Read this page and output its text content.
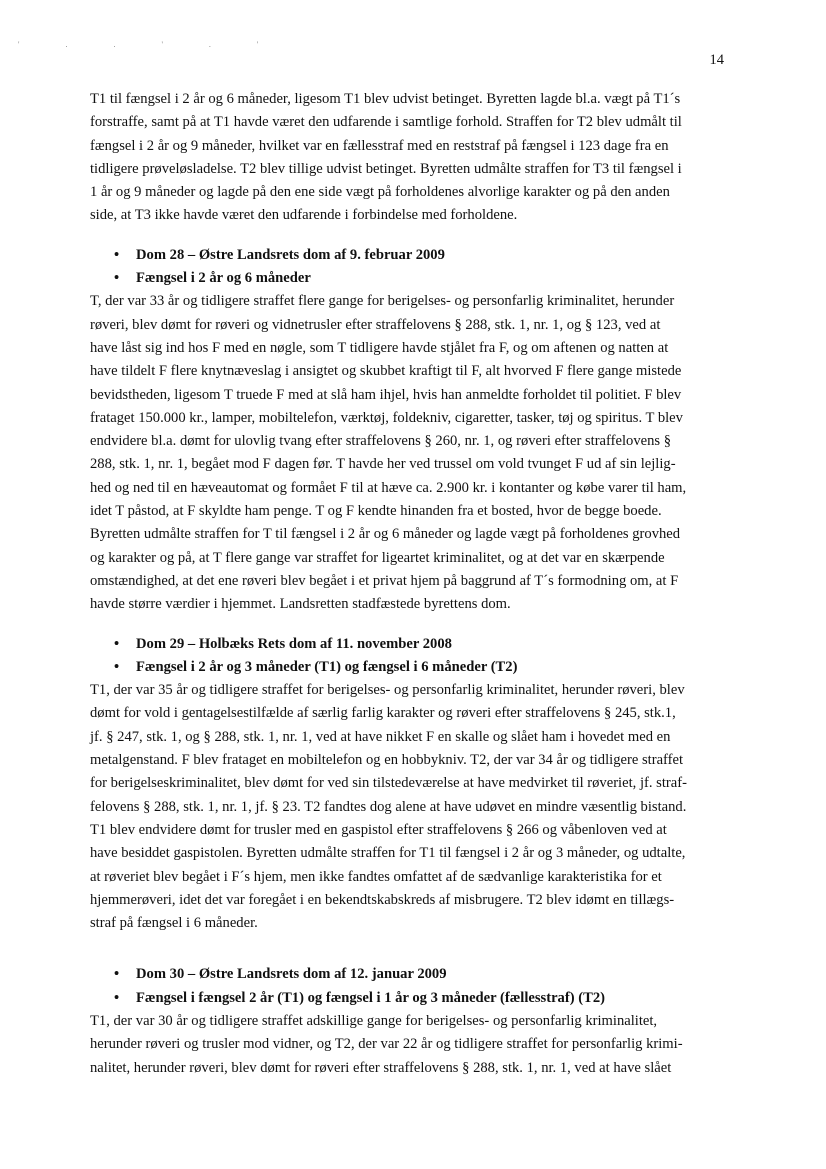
' . . ' . '
14
T1 til fængsel i 2 år og 6 måneder, ligesom T1 blev udvist betinget. Byretten lagde bl.a. vægt på T1´s
forstraffe, samt på at T1 havde været den udfarende i samtlige forhold. Straffen for T2 blev udmålt til
fængsel i 2 år og 9 måneder, hvilket var en fællesstraf med en reststraf på fængsel i 123 dage fra en
tidligere prøveløsladelse. T2 blev tillige udvist betinget. Byretten udmålte straffen for T3 til fængsel i
1 år og 9 måneder og lagde på den ene side vægt på forholdenes alvorlige karakter og på den anden
side, at T3 ikke havde været den udfarende i forbindelse med forholdene.
• Dom 28 – Østre Landsrets dom af 9. februar 2009
• Fængsel i 2 år og 6 måneder
T, der var 33 år og tidligere straffet flere gange for berigelses- og personfarlig kriminalitet, herunder
røveri, blev dømt for røveri og vidnetrusler efter straffelovens § 288, stk. 1, nr. 1, og § 123, ved at
have låst sig ind hos F med en nøgle, som T tidligere havde stjålet fra F, og om aftenen og natten at
have tildelt F flere knytnæveslag i ansigtet og skubbet kraftigt til F, alt hvorved F flere gange mistede
bevidstheden, ligesom T truede F med at slå ham ihjel, hvis han anmeldte forholdet til politiet. F blev
frataget 150.000 kr., lamper, mobiltelefon, værktøj, foldekniv, cigaretter, tasker, tøj og spiritus. T blev
endvidere bl.a. dømt for ulovlig tvang efter straffelovens § 260, nr. 1, og røveri efter straffelovens §
288, stk. 1, nr. 1, begået mod F dagen før. T havde her ved trussel om vold tvunget F ud af sin lejlig-
hed og ned til en hæveautomat og formået F til at hæve ca. 2.900 kr. i kontanter og købe varer til ham,
idet T påstod, at F skyldte ham penge. T og F kendte hinanden fra et bosted, hvor de begge boede.
Byretten udmålte straffen for T til fængsel i 2 år og 6 måneder og lagde vægt på forholdenes grovhed
og karakter og på, at T flere gange var straffet for ligeartet kriminalitet, og at det var en skærpende
omstændighed, at det ene røveri blev begået i et privat hjem på baggrund af T´s formodning om, at F
havde større værdier i hjemmet. Landsretten stadfæstede byrettens dom.
• Dom 29 – Holbæks Rets dom af 11. november 2008
• Fængsel i 2 år og 3 måneder (T1) og fængsel i 6 måneder (T2)
T1, der var 35 år og tidligere straffet for berigelses- og personfarlig kriminalitet, herunder røveri, blev
dømt for vold i gentagelsestilfælde af særlig farlig karakter og røveri efter straffelovens § 245, stk.1,
jf. § 247, stk. 1, og § 288, stk. 1, nr. 1, ved at have nikket F en skalle og slået ham i hovedet med en
metalgenstand. F blev frataget en mobiltelefon og en hobbykniv. T2, der var 34 år og tidligere straffet
for berigelseskriminalitet, blev dømt for ved sin tilstedeværelse at have medvirket til røveriet, jf. straf-
felovens § 288, stk. 1, nr. 1, jf. § 23. T2 fandtes dog alene at have udøvet en mindre væsentlig bistand.
T1 blev endvidere dømt for trusler med en gaspistol efter straffelovens § 266 og våbenloven ved at
have besiddet gaspistolen. Byretten udmålte straffen for T1 til fængsel i 2 år og 3 måneder, og udtalte,
at røveriet blev begået i F´s hjem, men ikke fandtes omfattet af de sædvanlige karakteristika for et
hjemmerøveri, idet det var foregået i en bekendtskabskreds af misbrugere. T2 blev idømt en tillægs-
straf på fængsel i 6 måneder.
• Dom 30 – Østre Landsrets dom af 12. januar 2009
• Fængsel i fængsel 2 år (T1) og fængsel i 1 år og 3 måneder (fællesstraf) (T2)
T1, der var 30 år og tidligere straffet adskillige gange for berigelses- og personfarlig kriminalitet,
herunder røveri og trusler mod vidner, og T2, der var 22 år og tidligere straffet for personfarlig krimi-
nalitet, herunder røveri, blev dømt for røveri efter straffelovens § 288, stk. 1, nr. 1, ved at have slået
